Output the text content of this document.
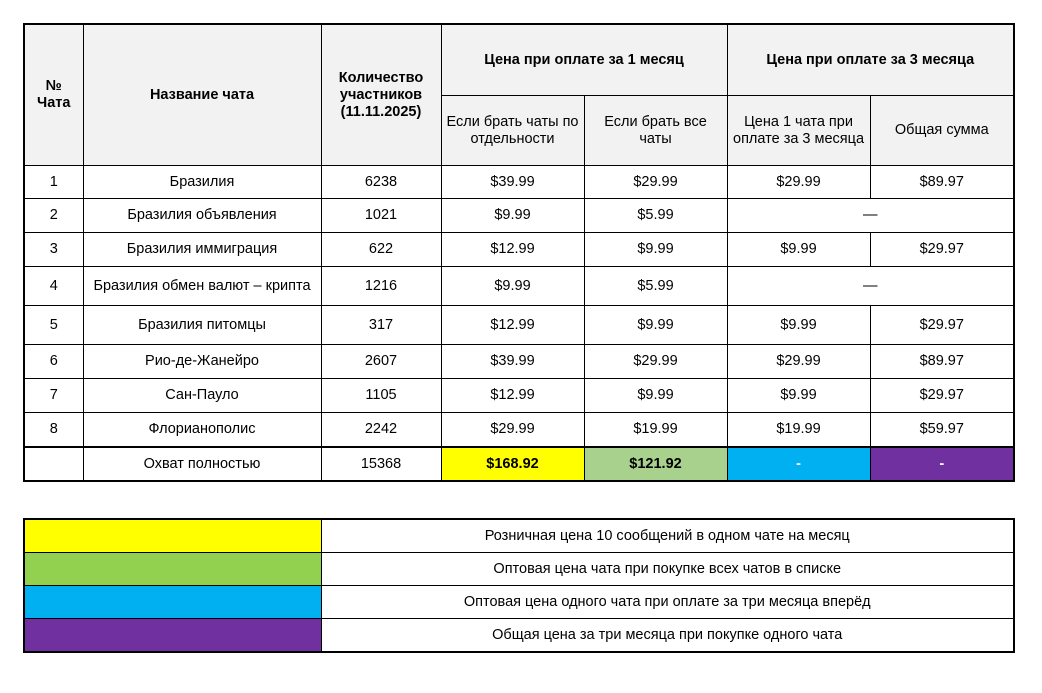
№ Чата	Название чата	Количество участников (11.11.2025)	Цена при оплате за 1 месяц		Цена при оплате за 3 месяца	
			Если брать чаты по отдельности	Если брать все чаты	Цена 1 чата при оплате за 3 месяца	Общая сумма
1	Бразилия	6238	$39.99	$29.99	$29.99	$89.97
2	Бразилия объявления	1021	$9.99	$5.99	—	
3	Бразилия иммиграция	622	$12.99	$9.99	$9.99	$29.97
4	Бразилия обмен валют – крипта	1216	$9.99	$5.99	—	
5	Бразилия питомцы	317	$12.99	$9.99	$9.99	$29.97
6	Рио-де-Жанейро	2607	$39.99	$29.99	$29.99	$89.97
7	Сан-Пауло	1105	$12.99	$9.99	$9.99	$29.97
8	Флорианополис	2242	$29.99	$19.99	$19.99	$59.97
	Охват полностью	15368	$168.92	$121.92	-	-
	Розничная цена 10 сообщений в одном чате на месяц
	Оптовая цена чата при покупке всех чатов в списке
	Оптовая цена одного чата при оплате за три месяца вперёд
	Общая цена за три месяца при покупке одного чата
